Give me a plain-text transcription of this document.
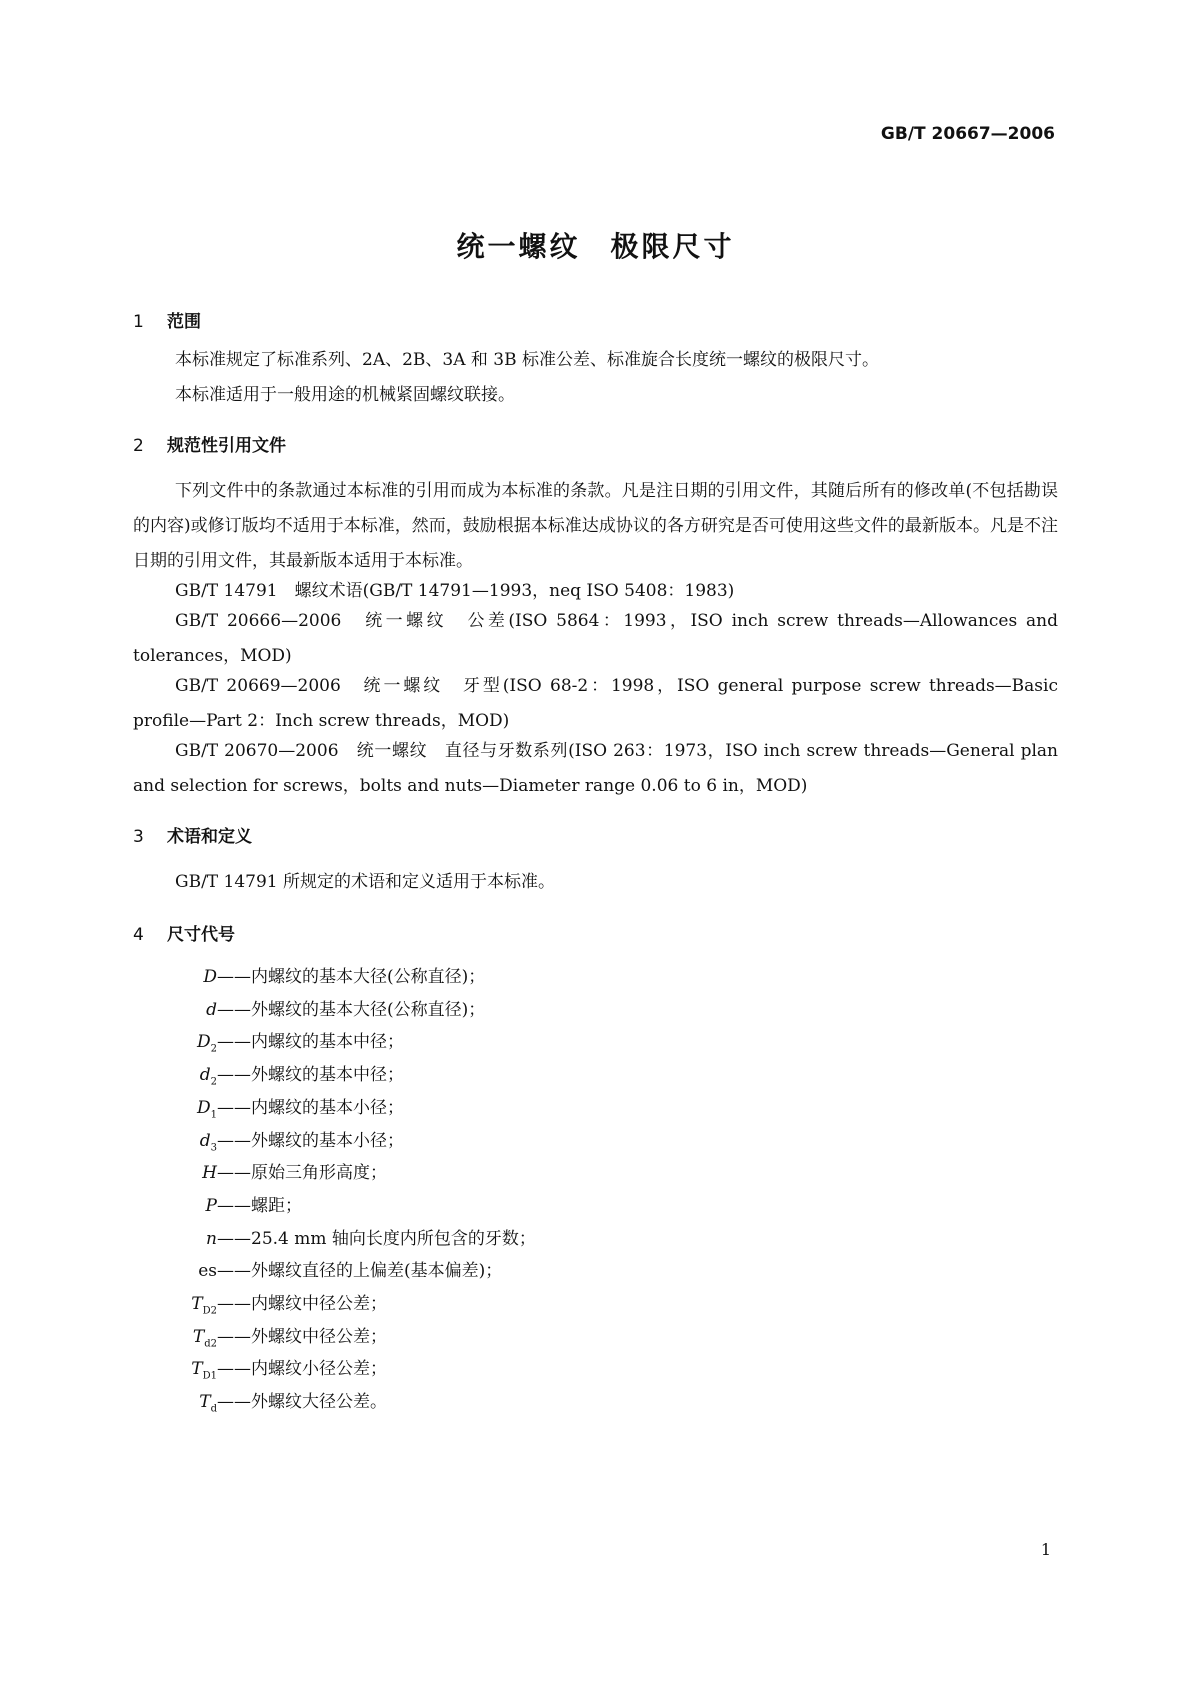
GB/T 20667—2006
统一螺纹 极限尺寸
1 范围
本标准规定了标准系列、2A、2B、3A 和 3B 标准公差、标准旋合长度统一螺纹的极限尺寸。
本标准适用于一般用途的机械紧固螺纹联接。
2 规范性引用文件
下列文件中的条款通过本标准的引用而成为本标准的条款。凡是注日期的引用文件，其随后所有的修改单(不包括勘误的内容)或修订版均不适用于本标准，然而，鼓励根据本标准达成协议的各方研究是否可使用这些文件的最新版本。凡是不注日期的引用文件，其最新版本适用于本标准。
GB/T 14791　螺纹术语(GB/T 14791—1993，neq ISO 5408：1983)
GB/T 20666—2006　统一螺纹　公差(ISO 5864：1993，ISO inch screw threads—Allowances and tolerances，MOD)
GB/T 20669—2006　统一螺纹　牙型(ISO 68-2：1998，ISO general purpose screw threads—Basic profile—Part 2：Inch screw threads，MOD)
GB/T 20670—2006　统一螺纹　直径与牙数系列(ISO 263：1973，ISO inch screw threads—General plan and selection for screws，bolts and nuts—Diameter range 0.06 to 6 in，MOD)
3 术语和定义
GB/T 14791 所规定的术语和定义适用于本标准。
4 尺寸代号
D——内螺纹的基本大径(公称直径)；
d——外螺纹的基本大径(公称直径)；
$D_2——$内螺纹的基本中径；
$d_2——$外螺纹的基本中径；
$D_1——$内螺纹的基本小径；
$d_3——$外螺纹的基本小径；
H——原始三角形高度；
P——螺距；
n——25.4 mm 轴向长度内所包含的牙数；
es——外螺纹直径的上偏差(基本偏差)；
$T_{D2}——$内螺纹中径公差；
$T_{d2}——$外螺纹中径公差；
$T_{D1}——$内螺纹小径公差；
$T_d——$外螺纹大径公差。
1
